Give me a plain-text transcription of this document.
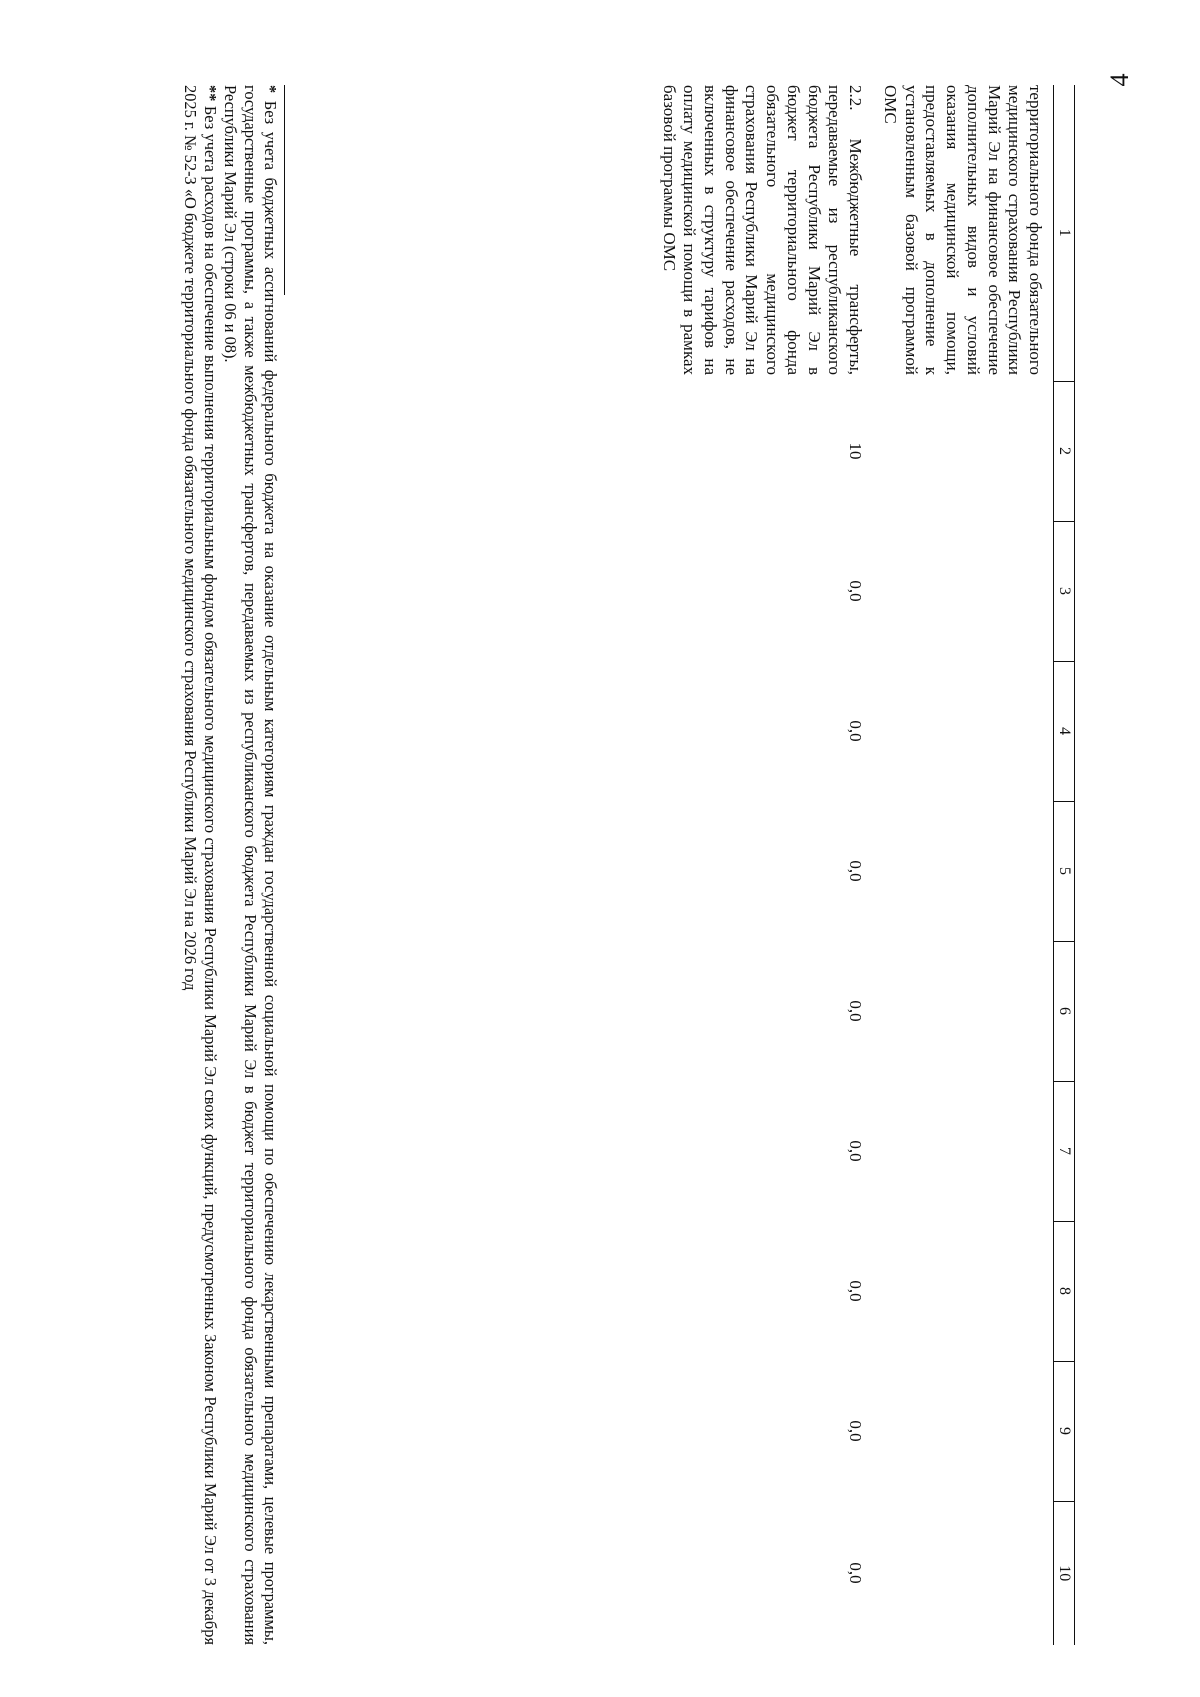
4
1	2	3	4	5	6	7	8	9	10
территориального фонда обязательного медицинского страхования Республики Марий Эл на финансовое обеспечение дополнительных видов и условий оказания медицинской помощи, предоставляемых в дополнение к установленным базовой программой ОМС									
2.2. Межбюджетные трансферты, передаваемые из республиканского бюджета Республики Марий Эл в бюджет территориального фонда обязательного медицинского страхования Республики Марий Эл на финансовое обеспечение расходов, не включенных в структуру тарифов на оплату медицинской помощи в рамках базовой программы ОМС	10	0,0	0,0	0,0	0,0	0,0	0,0	0,0	0,0

* Без учета бюджетных ассигнований федерального бюджета на оказание отдельным категориям граждан государственной социальной помощи по обеспечению лекарственными препаратами, целевые программы, государственные программы, а также межбюджетных трансфертов, передаваемых из республиканского бюджета Республики Марий Эл в бюджет территориального фонда обязательного медицинского страхования Республики Марий Эл (строки 06 и 08).

** Без учета расходов на обеспечение выполнения территориальным фондом обязательного медицинского страхования Республики Марий Эл своих функций, предусмотренных Законом Республики Марий Эл от 3 декабря 2025 г. № 52-З «О бюджете территориального фонда обязательного медицинского страхования Республики Марий Эл на 2026 год
